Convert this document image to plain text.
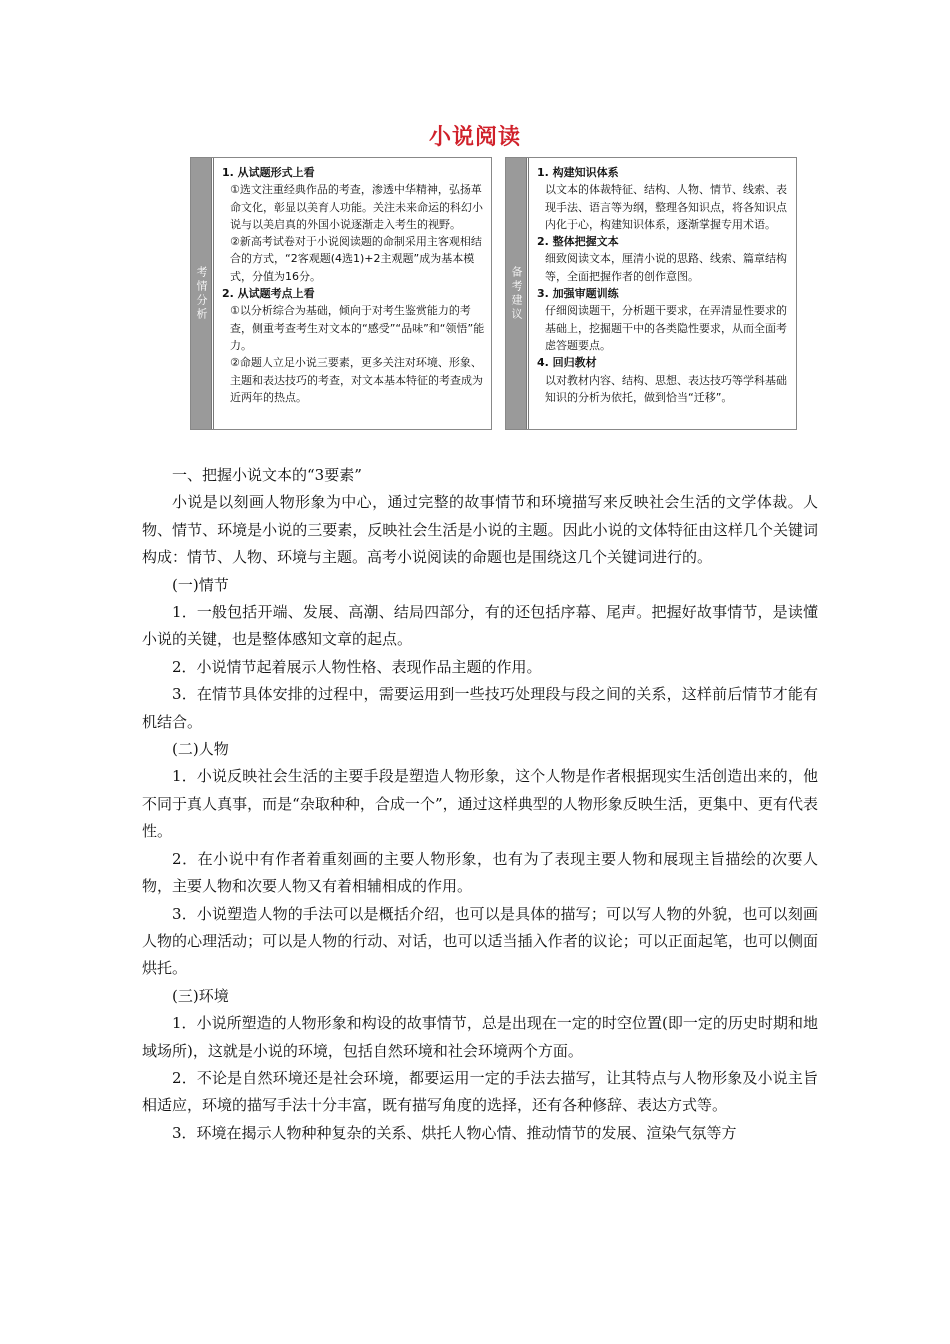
小说阅读
考情分析
1. 从试题形式上看
①选文注重经典作品的考查，渗透中华精神，弘扬革命文化，彰显以美育人功能。关注未来命运的科幻小说与以美启真的外国小说逐渐走入考生的视野。
②新高考试卷对于小说阅读题的命制采用主客观相结合的方式，“2客观题(4选1)+2主观题”成为基本模式，分值为16分。
2. 从试题考点上看
①以分析综合为基础，倾向于对考生鉴赏能力的考查，侧重考查考生对文本的“感受”“品味”和“领悟”能力。
②命题人立足小说三要素，更多关注对环境、形象、主题和表达技巧的考查，对文本基本特征的考查成为近两年的热点。
备考建议
1. 构建知识体系
以文本的体裁特征、结构、人物、情节、线索、表现手法、语言等为纲，整理各知识点，将各知识点内化于心，构建知识体系，逐渐掌握专用术语。
2. 整体把握文本
细致阅读文本，厘清小说的思路、线索、篇章结构等，全面把握作者的创作意图。
3. 加强审题训练
仔细阅读题干，分析题干要求，在弄清显性要求的基础上，挖掘题干中的各类隐性要求，从而全面考虑答题要点。
4. 回归教材
以对教材内容、结构、思想、表达技巧等学科基础知识的分析为依托，做到恰当“迁移”。

一、把握小说文本的“3要素”

小说是以刻画人物形象为中心，通过完整的故事情节和环境描写来反映社会生活的文学体裁。人物、情节、环境是小说的三要素，反映社会生活是小说的主题。因此小说的文体特征由这样几个关键词构成：情节、人物、环境与主题。高考小说阅读的命题也是围绕这几个关键词进行的。

(一)情节

1．一般包括开端、发展、高潮、结局四部分，有的还包括序幕、尾声。把握好故事情节，是读懂小说的关键，也是整体感知文章的起点。

2．小说情节起着展示人物性格、表现作品主题的作用。

3．在情节具体安排的过程中，需要运用到一些技巧处理段与段之间的关系，这样前后情节才能有机结合。

(二)人物

1．小说反映社会生活的主要手段是塑造人物形象，这个人物是作者根据现实生活创造出来的，他不同于真人真事，而是“杂取种种，合成一个”，通过这样典型的人物形象反映生活，更集中、更有代表性。

2．在小说中有作者着重刻画的主要人物形象，也有为了表现主要人物和展现主旨描绘的次要人物，主要人物和次要人物又有着相辅相成的作用。

3．小说塑造人物的手法可以是概括介绍，也可以是具体的描写；可以写人物的外貌，也可以刻画人物的心理活动；可以是人物的行动、对话，也可以适当插入作者的议论；可以正面起笔，也可以侧面烘托。

(三)环境

1．小说所塑造的人物形象和构设的故事情节，总是出现在一定的时空位置(即一定的历史时期和地域场所)，这就是小说的环境，包括自然环境和社会环境两个方面。

2．不论是自然环境还是社会环境，都要运用一定的手法去描写，让其特点与人物形象及小说主旨相适应，环境的描写手法十分丰富，既有描写角度的选择，还有各种修辞、表达方式等。

3．环境在揭示人物种种复杂的关系、烘托人物心情、推动情节的发展、渲染气氛等方
